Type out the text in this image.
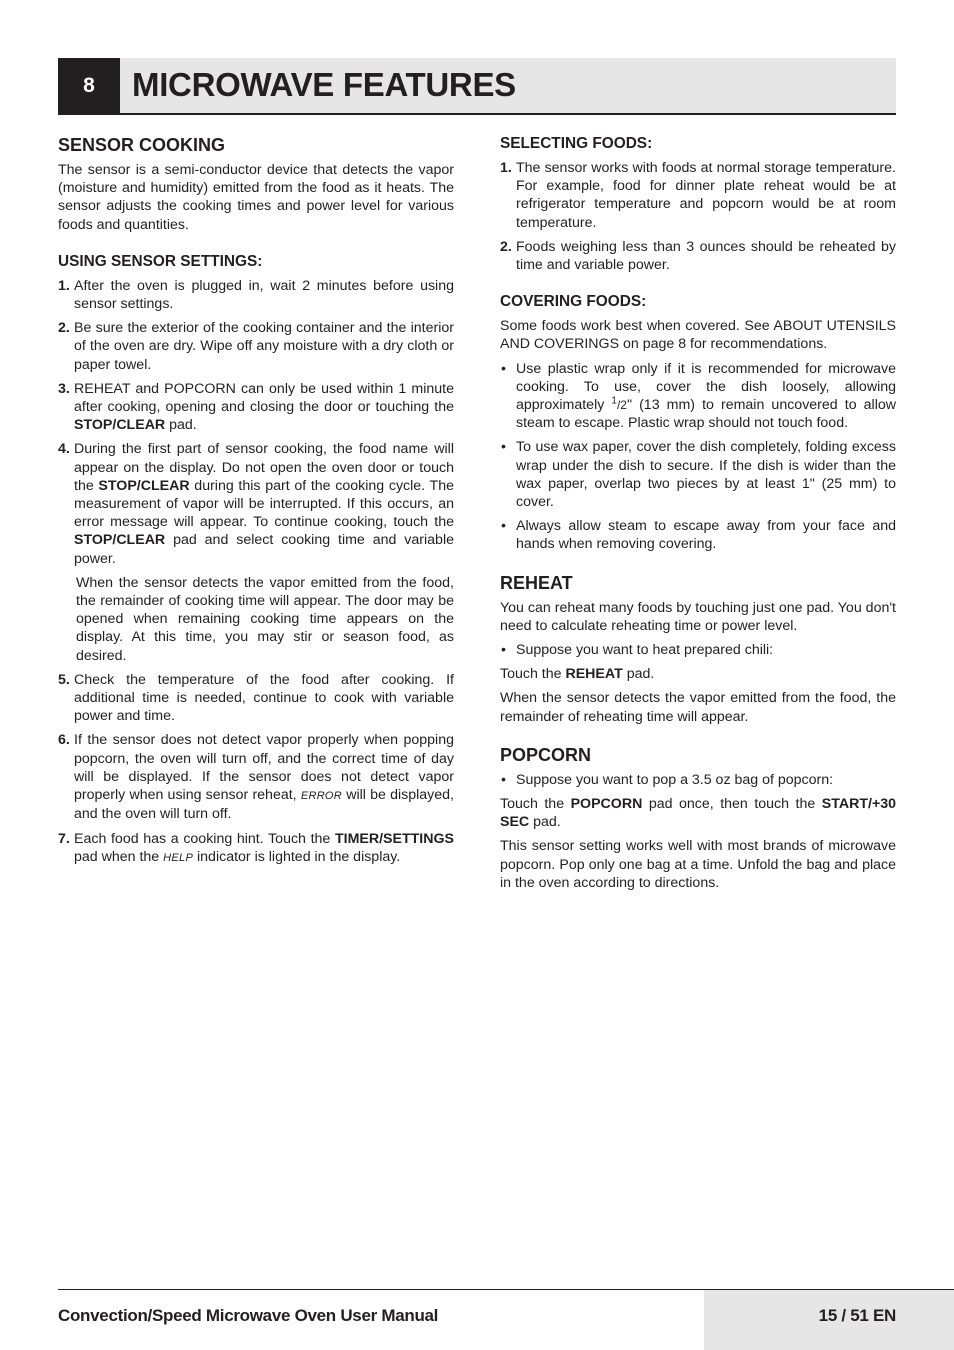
8	MICROWAVE FEATURES
SENSOR COOKING

The sensor is a semi-conductor device that detects the vapor (moisture and humidity) emitted from the food as it heats. The sensor adjusts the cooking times and power level for various foods and quantities.

USING SENSOR SETTINGS:
1. After the oven is plugged in, wait 2 minutes before using sensor settings.
2. Be sure the exterior of the cooking container and the interior of the oven are dry. Wipe off any moisture with a dry cloth or paper towel.
3. REHEAT and POPCORN can only be used within 1 minute after cooking, opening and closing the door or touching the STOP/CLEAR pad.
4. During the first part of sensor cooking, the food name will appear on the display. Do not open the oven door or touch the STOP/CLEAR during this part of the cooking cycle. The measurement of vapor will be interrupted. If this occurs, an error message will appear. To continue cooking, touch the STOP/CLEAR pad and select cooking time and variable power.

When the sensor detects the vapor emitted from the food, the remainder of cooking time will appear. The door may be opened when remaining cooking time appears on the display. At this time, you may stir or season food, as desired.

5. Check the temperature of the food after cooking. If additional time is needed, continue to cook with variable power and time.
6. If the sensor does not detect vapor properly when popping popcorn, the oven will turn off, and the correct time of day will be displayed. If the sensor does not detect vapor properly when using sensor reheat, ERROR will be displayed, and the oven will turn off.
7. Each food has a cooking hint. Touch the TIMER/SETTINGS pad when the HELP indicator is lighted in the display.
SELECTING FOODS:
1. The sensor works with foods at normal storage temperature. For example, food for dinner plate reheat would be at refrigerator temperature and popcorn would be at room temperature.
2. Foods weighing less than 3 ounces should be reheated by time and variable power.
COVERING FOODS:

Some foods work best when covered. See ABOUT UTENSILS AND COVERINGS on page 8 for recommendations.

• Use plastic wrap only if it is recommended for microwave cooking. To use, cover the dish loosely, allowing approximately $^1$/2" (13 mm) to remain uncovered to allow steam to escape. Plastic wrap should not touch food.
• To use wax paper, cover the dish completely, folding excess wrap under the dish to secure. If the dish is wider than the wax paper, overlap two pieces by at least 1" (25 mm) to cover.
• Always allow steam to escape away from your face and hands when removing covering.
REHEAT

You can reheat many foods by touching just one pad. You don't need to calculate reheating time or power level.

• Suppose you want to heat prepared chili:

Touch the REHEAT pad.

When the sensor detects the vapor emitted from the food, the remainder of reheating time will appear.

POPCORN
• Suppose you want to pop a 3.5 oz bag of popcorn:

Touch the POPCORN pad once, then touch the START/+30 SEC pad.

This sensor setting works well with most brands of microwave popcorn. Pop only one bag at a time. Unfold the bag and place in the oven according to directions.

Convection/Speed Microwave Oven User Manual	15 / 51 EN
